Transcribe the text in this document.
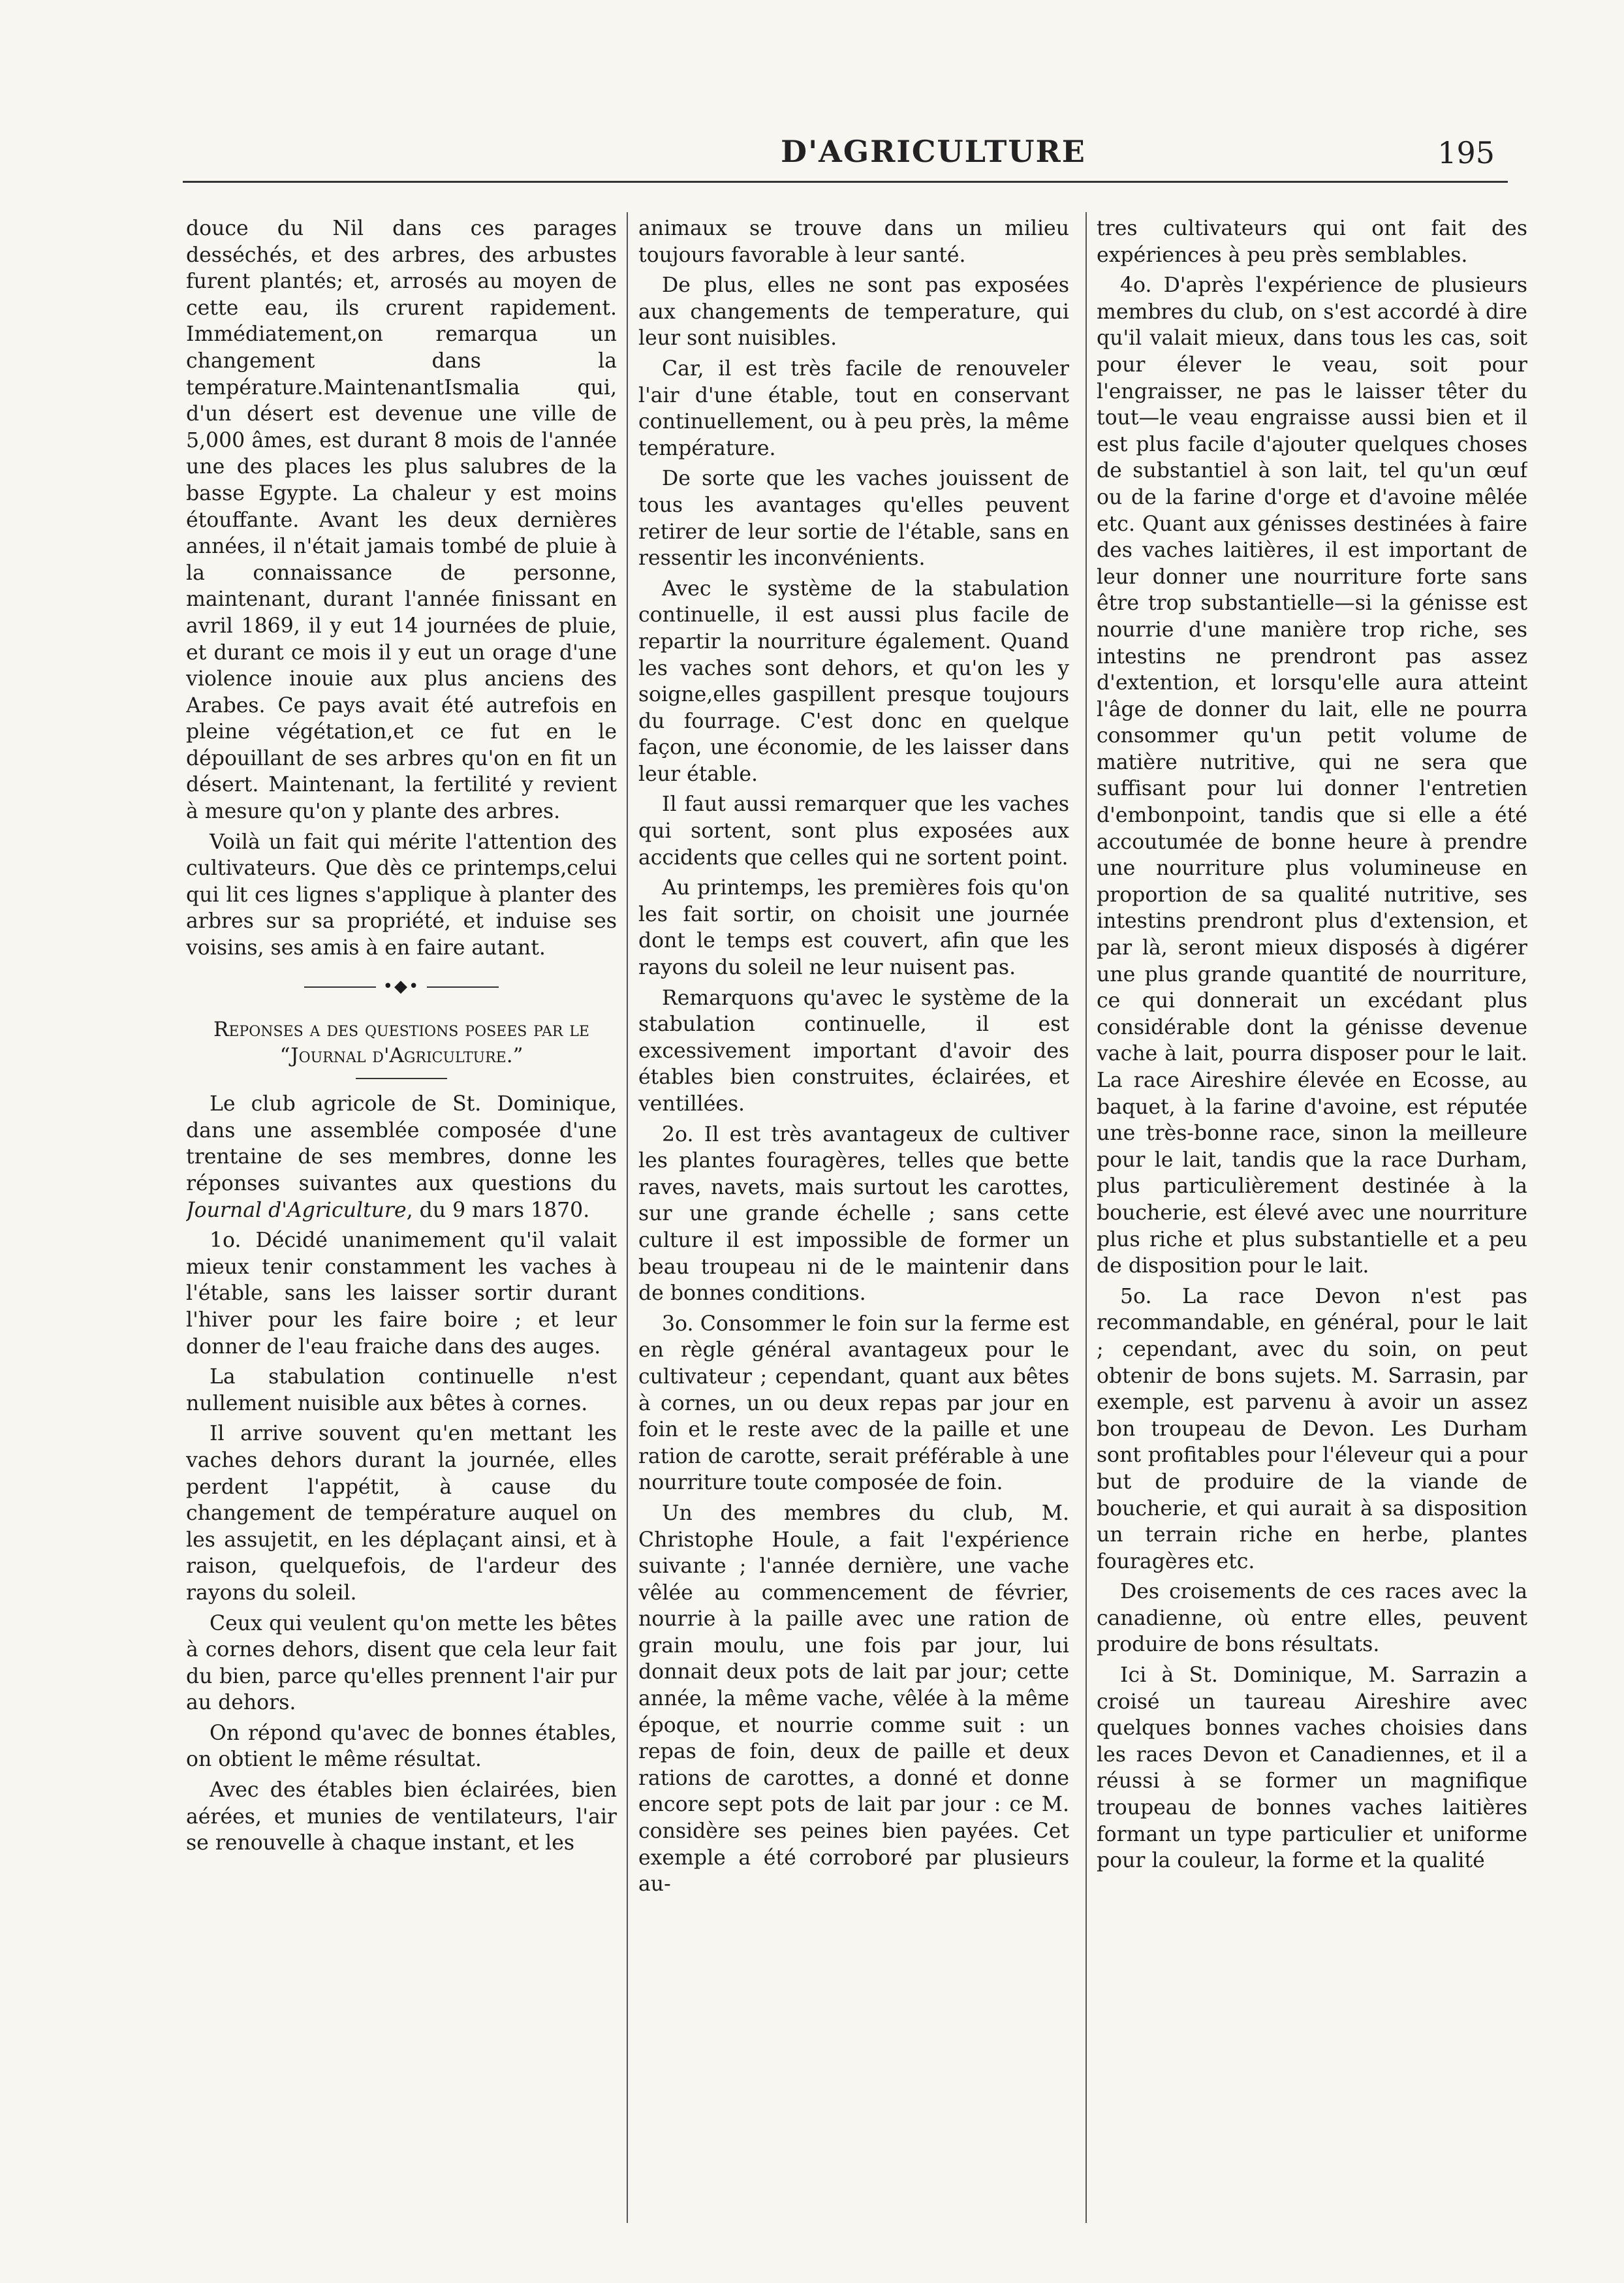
D'AGRICULTURE	195

douce du Nil dans ces parages desséchés, et des arbres, des arbustes furent plantés; et, arrosés au moyen de cette eau, ils crurent rapidement. Immédiatement,on remarqua un changement dans la température.MaintenantIsmalia qui, d'un désert est devenue une ville de 5,000 âmes, est durant 8 mois de l'année une des places les plus salubres de la basse Egypte. La chaleur y est moins étouffante. Avant les deux dernières années, il n'était jamais tombé de pluie à la connaissance de personne, maintenant, durant l'année finissant en avril 1869, il y eut 14 journées de pluie, et durant ce mois il y eut un orage d'une violence inouie aux plus anciens des Arabes. Ce pays avait été autrefois en pleine végétation,et ce fut en le dépouillant de ses arbres qu'on en fit un désert. Maintenant, la fertilité y revient à mesure qu'on y plante des arbres.

Voilà un fait qui mérite l'attention des cultivateurs. Que dès ce printemps,celui qui lit ces lignes s'applique à planter des arbres sur sa propriété, et induise ses voisins, ses amis à en faire autant.

•◆•
Reponses a des questions posees par le “Journal d'Agriculture.”

Le club agricole de St. Dominique, dans une assemblée composée d'une trentaine de ses membres, donne les réponses suivantes aux questions du Journal d'Agriculture, du 9 mars 1870.

1o. Décidé unanimement qu'il valait mieux tenir constamment les vaches à l'étable, sans les laisser sortir durant l'hiver pour les faire boire ; et leur donner de l'eau fraiche dans des auges.

La stabulation continuelle n'est nullement nuisible aux bêtes à cornes.

Il arrive souvent qu'en mettant les vaches dehors durant la journée, elles perdent l'appétit, à cause du changement de température auquel on les assujetit, en les déplaçant ainsi, et à raison, quelquefois, de l'ardeur des rayons du soleil.

Ceux qui veulent qu'on mette les bêtes à cornes dehors, disent que cela leur fait du bien, parce qu'elles prennent l'air pur au dehors.

On répond qu'avec de bonnes étables, on obtient le même résultat.

Avec des étables bien éclairées, bien aérées, et munies de ventilateurs, l'air se renouvelle à chaque instant, et les

animaux se trouve dans un milieu toujours favorable à leur santé.

De plus, elles ne sont pas exposées aux changements de temperature, qui leur sont nuisibles.

Car, il est très facile de renouveler l'air d'une étable, tout en conservant continuellement, ou à peu près, la même température.

De sorte que les vaches jouissent de tous les avantages qu'elles peuvent retirer de leur sortie de l'étable, sans en ressentir les inconvénients.

Avec le système de la stabulation continuelle, il est aussi plus facile de repartir la nourriture également. Quand les vaches sont dehors, et qu'on les y soigne,elles gaspillent presque toujours du fourrage. C'est donc en quelque façon, une économie, de les laisser dans leur étable.

Il faut aussi remarquer que les vaches qui sortent, sont plus exposées aux accidents que celles qui ne sortent point.

Au printemps, les premières fois qu'on les fait sortir, on choisit une journée dont le temps est couvert, afin que les rayons du soleil ne leur nuisent pas.

Remarquons qu'avec le système de la stabulation continuelle, il est excessivement important d'avoir des étables bien construites, éclairées, et ventillées.

2o. Il est très avantageux de cultiver les plantes fouragères, telles que bette raves, navets, mais surtout les carottes, sur une grande échelle ; sans cette culture il est impossible de former un beau troupeau ni de le maintenir dans de bonnes conditions.

3o. Consommer le foin sur la ferme est en règle général avantageux pour le cultivateur ; cependant, quant aux bêtes à cornes, un ou deux repas par jour en foin et le reste avec de la paille et une ration de carotte, serait préférable à une nourriture toute composée de foin.

Un des membres du club, M. Christophe Houle, a fait l'expérience suivante ; l'année dernière, une vache vêlée au commencement de février, nourrie à la paille avec une ration de grain moulu, une fois par jour, lui donnait deux pots de lait par jour; cette année, la même vache, vêlée à la même époque, et nourrie comme suit : un repas de foin, deux de paille et deux rations de carottes, a donné et donne encore sept pots de lait par jour : ce M. considère ses peines bien payées. Cet exemple a été corroboré par plusieurs au-

tres cultivateurs qui ont fait des expériences à peu près semblables.

4o. D'après l'expérience de plusieurs membres du club, on s'est accordé à dire qu'il valait mieux, dans tous les cas, soit pour élever le veau, soit pour l'engraisser, ne pas le laisser têter du tout—le veau engraisse aussi bien et il est plus facile d'ajouter quelques choses de substantiel à son lait, tel qu'un œuf ou de la farine d'orge et d'avoine mêlée etc. Quant aux génisses destinées à faire des vaches laitières, il est important de leur donner une nourriture forte sans être trop substantielle—si la génisse est nourrie d'une manière trop riche, ses intestins ne prendront pas assez d'extention, et lorsqu'elle aura atteint l'âge de donner du lait, elle ne pourra consommer qu'un petit volume de matière nutritive, qui ne sera que suffisant pour lui donner l'entretien d'embonpoint, tandis que si elle a été accoutumée de bonne heure à prendre une nourriture plus volumineuse en proportion de sa qualité nutritive, ses intestins prendront plus d'extension, et par là, seront mieux disposés à digérer une plus grande quantité de nourriture, ce qui donnerait un excédant plus considérable dont la génisse devenue vache à lait, pourra disposer pour le lait. La race Aireshire élevée en Ecosse, au baquet, à la farine d'avoine, est réputée une très-bonne race, sinon la meilleure pour le lait, tandis que la race Durham, plus particulièrement destinée à la boucherie, est élevé avec une nourriture plus riche et plus substantielle et a peu de disposition pour le lait.

5o. La race Devon n'est pas recommandable, en général, pour le lait ; cependant, avec du soin, on peut obtenir de bons sujets. M. Sarrasin, par exemple, est parvenu à avoir un assez bon troupeau de Devon. Les Durham sont profitables pour l'éleveur qui a pour but de produire de la viande de boucherie, et qui aurait à sa disposition un terrain riche en herbe, plantes fouragères etc.

Des croisements de ces races avec la canadienne, où entre elles, peuvent produire de bons résultats.

Ici à St. Dominique, M. Sarrazin a croisé un taureau Aireshire avec quelques bonnes vaches choisies dans les races Devon et Canadiennes, et il a réussi à se former un magnifique troupeau de bonnes vaches laitières formant un type particulier et uniforme pour la couleur, la forme et la qualité
